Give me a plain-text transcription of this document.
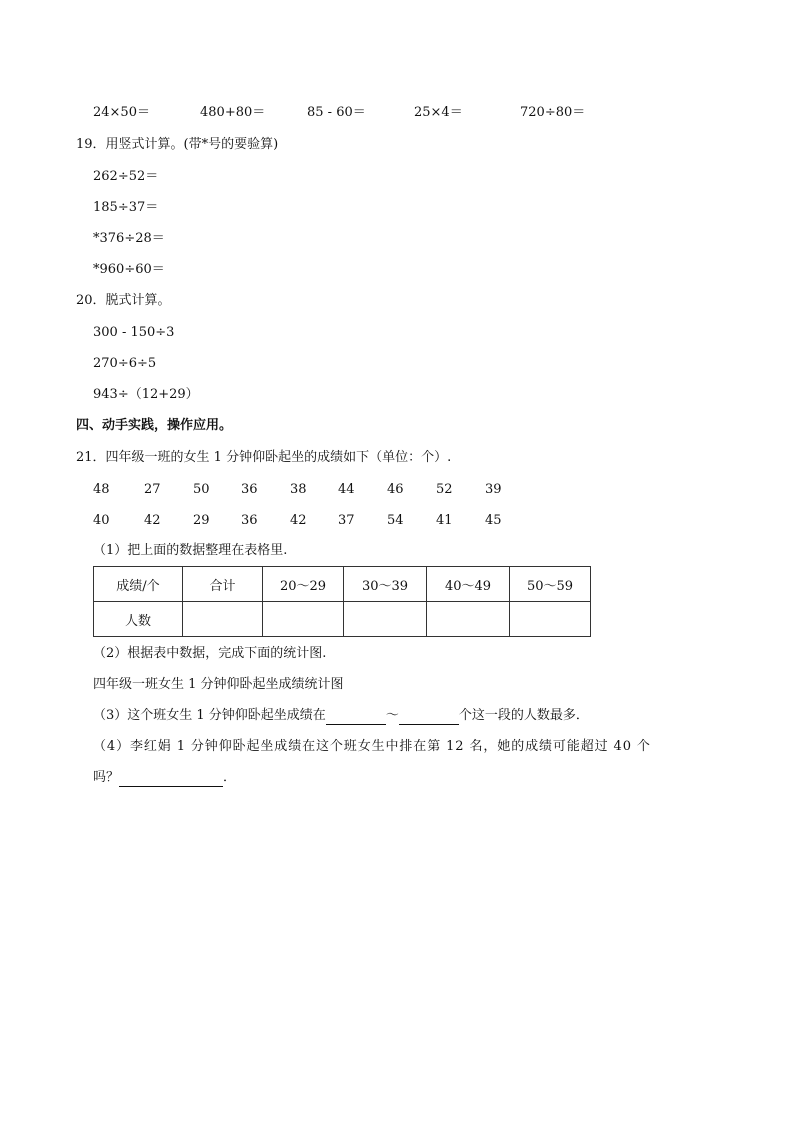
24×50＝	480+80＝	85 - 60＝	25×4＝	720÷80＝
19．用竖式计算。(带*号的要验算)
262÷52＝
185÷37＝
*376÷28＝
*960÷60＝
20．脱式计算。
300 - 150÷3
270÷6÷5
943÷（12+29）
四、动手实践，操作应用。
21．四年级一班的女生 1 分钟仰卧起坐的成绩如下（单位：个）.
48	27 50 36 38 44 46 52 39
40	42 29 36 42 37 54 41 45
（1）把上面的数据整理在表格里.
成绩/个	合计	20～29	30～39	40～49	50～59
人数					
（2）根据表中数据，完成下面的统计图.
四年级一班女生 1 分钟仰卧起坐成绩统计图
（3）这个班女生 1 分钟仰卧起坐成绩在	～	个这一段的人数最多．
（4）李红娟 1 分钟仰卧起坐成绩在这个班女生中排在第 12 名，她的成绩可能超过 40 个
吗？	．
